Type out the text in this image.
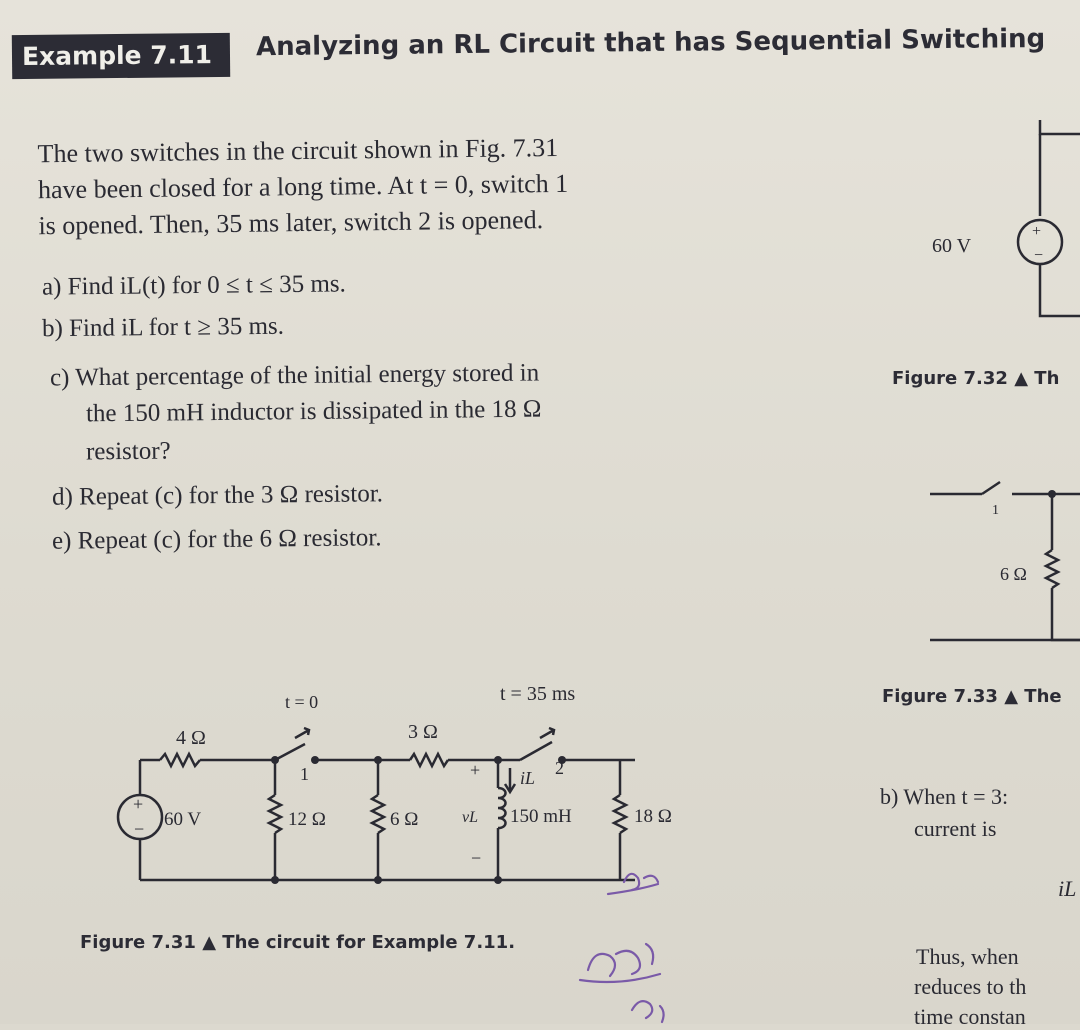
Example 7.11	Analyzing an RL Circuit that has Sequential Switching
The two switches in the circuit shown in Fig. 7.31
have been closed for a long time. At t = 0, switch 1
is opened. Then, 35 ms later, switch 2 is opened.
a) Find iL(t) for 0 ≤ t ≤ 35 ms.
b) Find iL for t ≥ 35 ms.
c) What percentage of the initial energy stored in
the 150 mH inductor is dissipated in the 18 Ω
resistor?
d) Repeat (c) for the 3 Ω resistor.
e) Repeat (c) for the 6 Ω resistor.
t = 0	t = 35 ms
4 Ω	3 Ω
1	2
+
− 60 V	12 Ω	6 Ω
+
−
vL
iL
150 mH	18 Ω
Figure 7.31 ▲ The circuit for Example 7.11.
+
−
60 V
Figure 7.32 ▲ Th
1
6 Ω
Figure 7.33 ▲ The
b) When t = 3:
current is
iL
Thus, when
reduces to th
time constan
